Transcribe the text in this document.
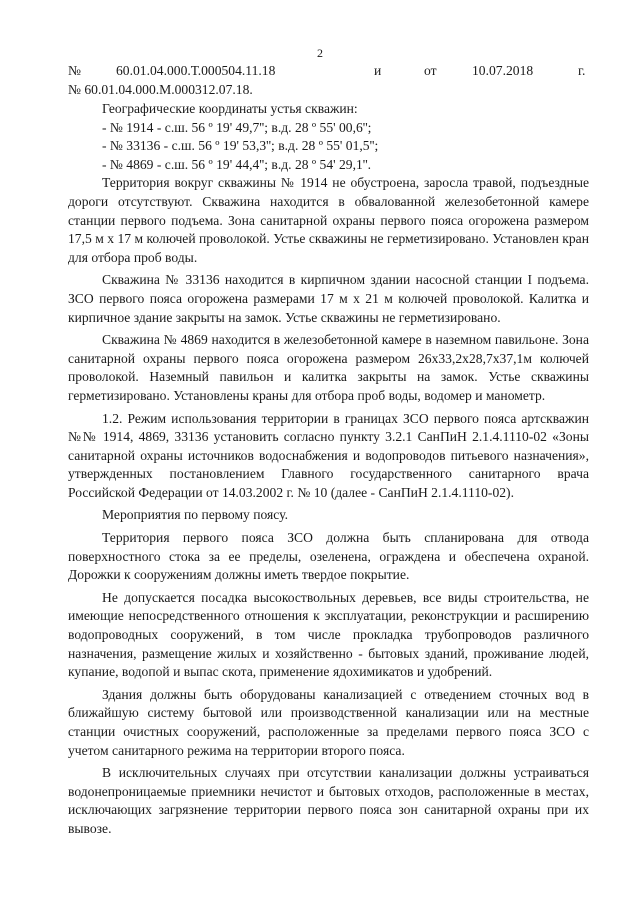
2
№	60.01.04.000.Т.000504.11.18	и	от	10.07.2018	г.
№ 60.01.04.000.М.000312.07.18.

Географические координаты устья скважин:

- № 1914 - с.ш. 56 º 19' 49,7''; в.д. 28 º 55' 00,6'';

- № 33136 - с.ш. 56 º 19' 53,3''; в.д. 28 º 55' 01,5'';

- № 4869 - с.ш. 56 º 19' 44,4''; в.д. 28 º 54' 29,1''.

Территория вокруг скважины № 1914 не обустроена, заросла травой, подъездные дороги отсутствуют. Скважина находится в обвалованной железобетонной камере станции первого подъема. Зона санитарной охраны первого пояса огорожена размером 17,5 м х 17 м колючей проволокой. Устье скважины не герметизировано. Установлен кран для отбора проб воды.

Скважина № 33136 находится в кирпичном здании насосной станции I подъема. ЗСО первого пояса огорожена размерами 17 м х 21 м колючей проволокой. Калитка и кирпичное здание закрыты на замок. Устье скважины не герметизировано.

Скважина № 4869 находится в железобетонной камере в наземном павильоне. Зона санитарной охраны первого пояса огорожена размером 26х33,2х28,7х37,1м колючей проволокой. Наземный павильон и калитка закрыты на замок. Устье скважины герметизировано. Установлены краны для отбора проб воды, водомер и манометр.

1.2. Режим использования территории в границах ЗСО первого пояса артскважин №№ 1914, 4869, 33136 установить согласно пункту 3.2.1 СанПиН 2.1.4.1110-02 «Зоны санитарной охраны источников водоснабжения и водопроводов питьевого назначения», утвержденных постановлением Главного государственного санитарного врача Российской Федерации от 14.03.2002 г. № 10 (далее - СанПиН 2.1.4.1110-02).

Мероприятия по первому поясу.

Территория первого пояса ЗСО должна быть спланирована для отвода поверхностного стока за ее пределы, озеленена, ограждена и обеспечена охраной. Дорожки к сооружениям должны иметь твердое покрытие.

Не допускается посадка высокоствольных деревьев, все виды строительства, не имеющие непосредственного отношения к эксплуатации, реконструкции и расширению водопроводных сооружений, в том числе прокладка трубопроводов различного назначения, размещение жилых и хозяйственно - бытовых зданий, проживание людей, купание, водопой и выпас скота, применение ядохимикатов и удобрений.

Здания должны быть оборудованы канализацией с отведением сточных вод в ближайшую систему бытовой или производственной канализации или на местные станции очистных сооружений, расположенные за пределами первого пояса ЗСО с учетом санитарного режима на территории второго пояса.

В исключительных случаях при отсутствии канализации должны устраиваться водонепроницаемые приемники нечистот и бытовых отходов, расположенные в местах, исключающих загрязнение территории первого пояса зон санитарной охраны при их вывозе.
